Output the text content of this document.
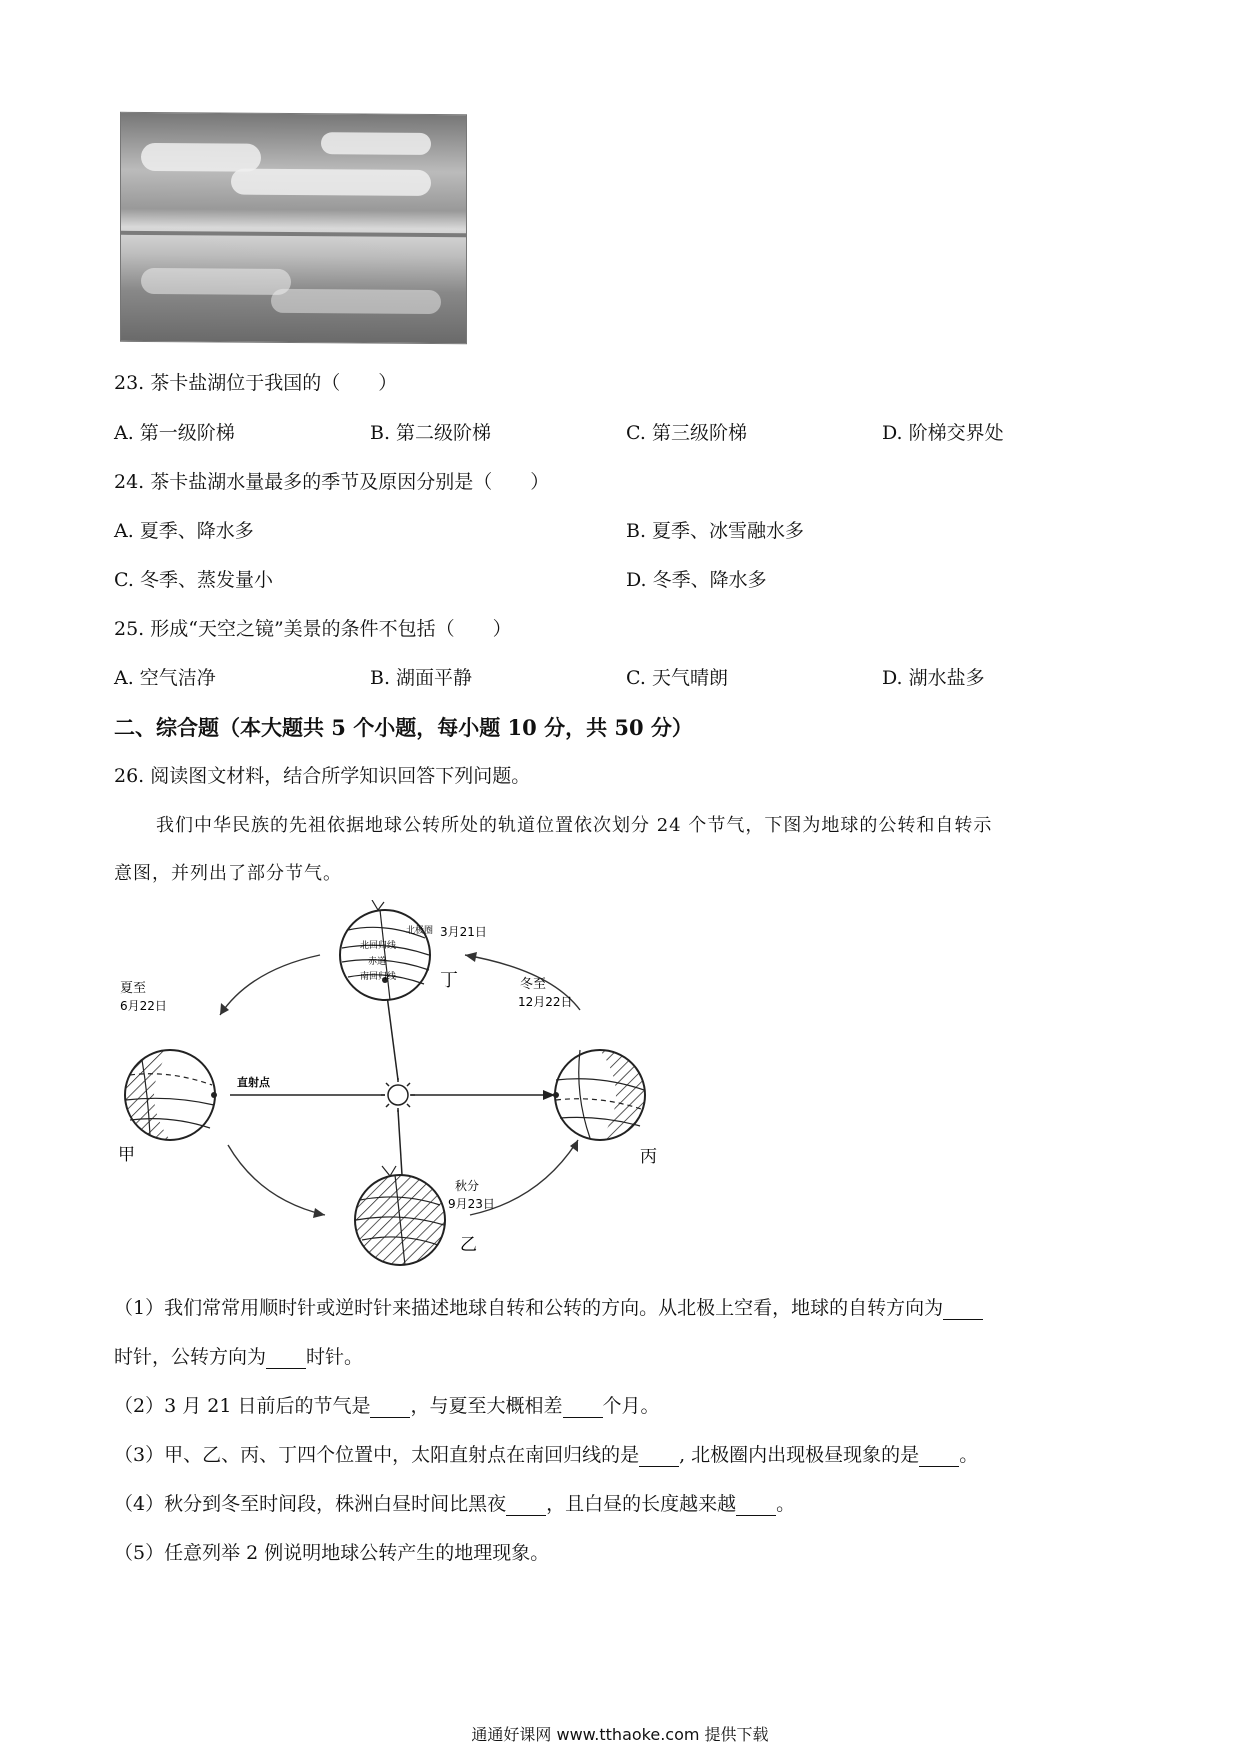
23. 茶卡盐湖位于我国的（　　）
A. 第一级阶梯	B. 第二级阶梯	C. 第三级阶梯	D. 阶梯交界处
24. 茶卡盐湖水量最多的季节及原因分别是（　　）
A. 夏季、降水多	B. 夏季、冰雪融水多
C. 冬季、蒸发量小	D. 冬季、降水多
25. 形成“天空之镜”美景的条件不包括（　　）
A. 空气洁净	B. 湖面平静	C. 天气晴朗	D. 湖水盐多
二、综合题（本大题共 5 个小题，每小题 10 分，共 50 分）
26. 阅读图文材料，结合所学知识回答下列问题。
我们中华民族的先祖依据地球公转所处的轨道位置依次划分 24 个节气，下图为地球的公转和自转示
意图，并列出了部分节气。
北极圈
北回归线
赤道
南回归线
3月21日
丁
夏至
6月22日
甲
直射点
冬至
12月22日
丙
秋分
9月23日
乙
（1）我们常常用顺时针或逆时针来描述地球自转和公转的方向。从北极上空看，地球的自转方向为
时针，公转方向为 时针。
（2）3 月 21 日前后的节气是 ，与夏至大概相差 个月。
（3）甲、乙、丙、丁四个位置中，太阳直射点在南回归线的是 , 北极圈内出现极昼现象的是 。
（4）秋分到冬至时间段，株洲白昼时间比黑夜 ，且白昼的长度越来越 。
（5）任意列举 2 例说明地球公转产生的地理现象。
通通好课网 www.tthaoke.com 提供下载
